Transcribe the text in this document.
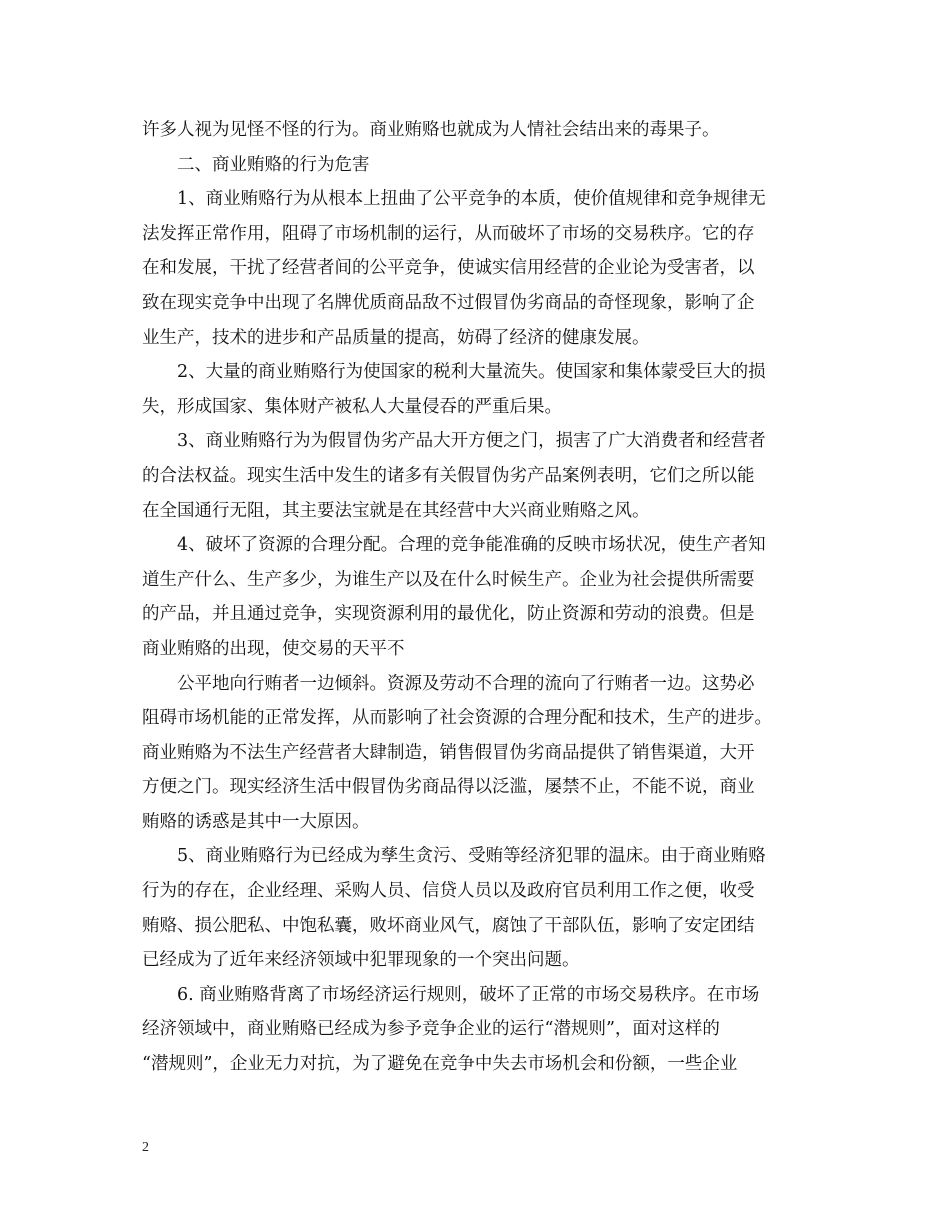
许多人视为见怪不怪的行为。商业贿赂也就成为人情社会结出来的毒果子。
二、商业贿赂的行为危害
1、商业贿赂行为从根本上扭曲了公平竞争的本质，使价值规律和竞争规律无
法发挥正常作用，阻碍了市场机制的运行，从而破坏了市场的交易秩序。它的存
在和发展，干扰了经营者间的公平竞争，使诚实信用经营的企业论为受害者，以
致在现实竞争中出现了名牌优质商品敌不过假冒伪劣商品的奇怪现象，影响了企
业生产，技术的进步和产品质量的提高，妨碍了经济的健康发展。
2、大量的商业贿赂行为使国家的税利大量流失。使国家和集体蒙受巨大的损
失，形成国家、集体财产被私人大量侵吞的严重后果。
3、商业贿赂行为为假冒伪劣产品大开方便之门，损害了广大消费者和经营者
的合法权益。现实生活中发生的诸多有关假冒伪劣产品案例表明，它们之所以能
在全国通行无阻，其主要法宝就是在其经营中大兴商业贿赂之风。
4、破坏了资源的合理分配。合理的竞争能准确的反映市场状况，使生产者知
道生产什么、生产多少，为谁生产以及在什么时候生产。企业为社会提供所需要
的产品，并且通过竞争，实现资源利用的最优化，防止资源和劳动的浪费。但是
商业贿赂的出现，使交易的天平不
公平地向行贿者一边倾斜。资源及劳动不合理的流向了行贿者一边。这势必
阻碍市场机能的正常发挥，从而影响了社会资源的合理分配和技术，生产的进步。
商业贿赂为不法生产经营者大肆制造，销售假冒伪劣商品提供了销售渠道，大开
方便之门。现实经济生活中假冒伪劣商品得以泛滥，屡禁不止，不能不说，商业
贿赂的诱惑是其中一大原因。
5、商业贿赂行为已经成为孳生贪污、受贿等经济犯罪的温床。由于商业贿赂
行为的存在，企业经理、采购人员、信贷人员以及政府官员利用工作之便，收受
贿赂、损公肥私、中饱私囊，败坏商业风气，腐蚀了干部队伍，影响了安定团结
已经成为了近年来经济领域中犯罪现象的一个突出问题。
6. 商业贿赂背离了市场经济运行规则，破坏了正常的市场交易秩序。在市场
经济领域中，商业贿赂已经成为参予竞争企业的运行“潜规则”，面对这样的
“潜规则”，企业无力对抗，为了避免在竞争中失去市场机会和份额，一些企业
2
